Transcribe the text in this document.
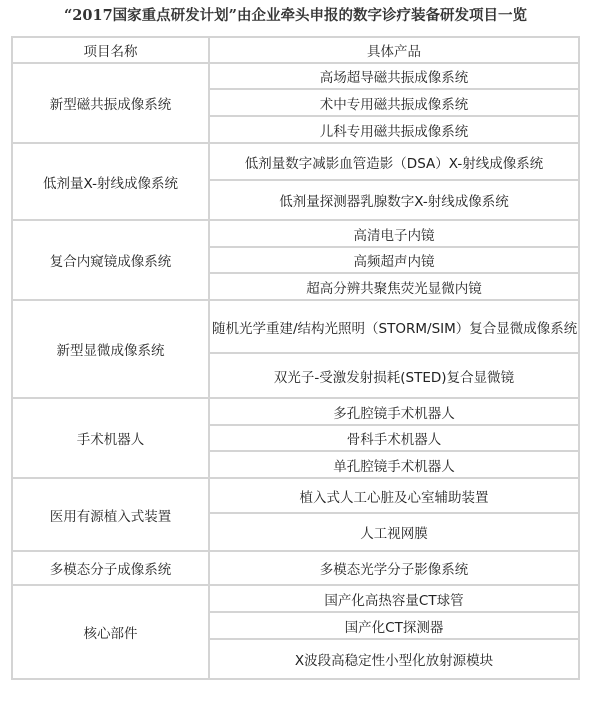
“2017国家重点研发计划”由企业牵头申报的数字诊疗装备研发项目一览
项目名称	具体产品
新型磁共振成像系统	高场超导磁共振成像系统
	术中专用磁共振成像系统
	儿科专用磁共振成像系统
低剂量X-射线成像系统	低剂量数字减影血管造影（DSA）X-射线成像系统
	低剂量探测器乳腺数字X-射线成像系统
复合内窥镜成像系统	高清电子内镜
	高频超声内镜
	超高分辨共聚焦荧光显微内镜
新型显微成像系统	随机光学重建/结构光照明（STORM/SIM）复合显微成像系统
	双光子-受激发射损耗(STED)复合显微镜
手术机器人	多孔腔镜手术机器人
	骨科手术机器人
	单孔腔镜手术机器人
医用有源植入式装置	植入式人工心脏及心室辅助装置
	人工视网膜
多模态分子成像系统	多模态光学分子影像系统
核心部件	国产化高热容量CT球管
	国产化CT探测器
	X波段高稳定性小型化放射源模块
